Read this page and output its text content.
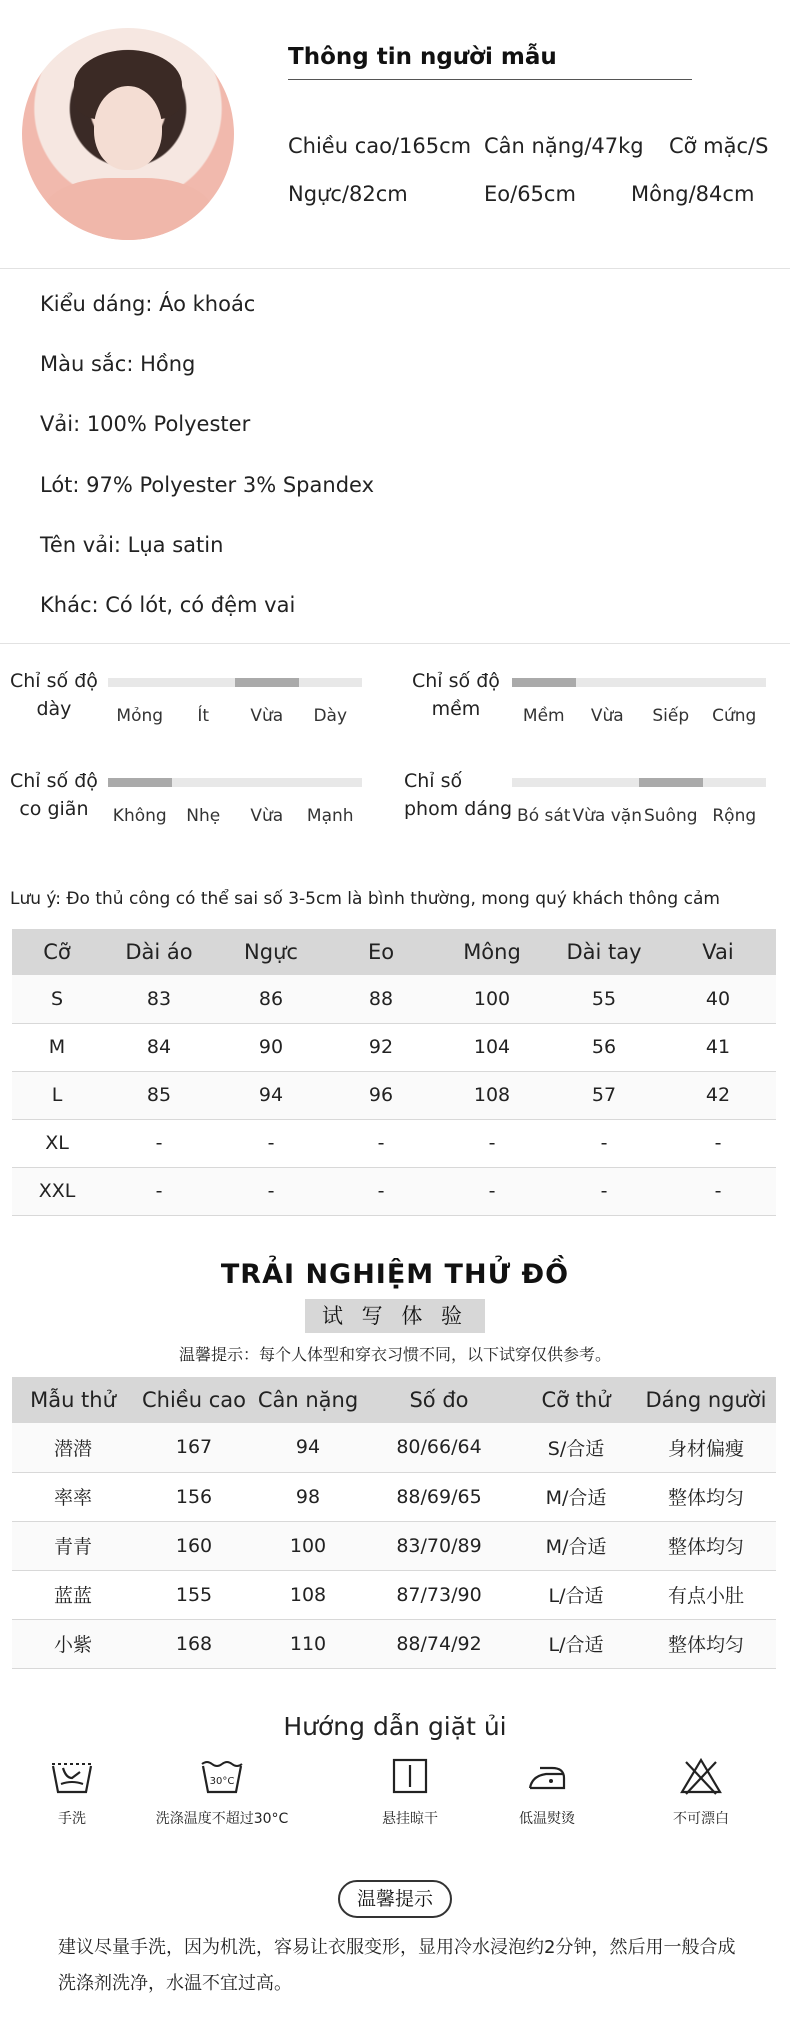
Thông tin người mẫu
Chiều cao/165cm Cân nặng/47kg Cỡ mặc/S
Ngực/82cm	Eo/65cm	Mông/84cm
Kiểu dáng: Áo khoác
Màu sắc: Hồng
Vải: 100% Polyester
Lót: 97% Polyester 3% Spandex
Tên vải: Lụa satin
Khác: Có lót, có đệm vai
Chỉ số độ
dày	Mỏng Ít Vừa Dày
Chỉ số độ
mềm	Mềm Vừa Siếp Cứng
Chỉ số độ
co giãn	Không Nhẹ Vừa Mạnh
Chỉ số
phom dáng Bó sát Vừa vặn Suông Rộng
Lưu ý: Đo thủ công có thể sai số 3-5cm là bình thường, mong quý khách thông cảm
Cỡ	Dài áo	Ngực	Eo	Mông	Dài tay	Vai
S	83	86	88	100	55	40
M	84	90	92	104	56	41
L	85	94	96	108	57	42
XL	-	-	-	-	-	-
XXL	-	-	-	-	-	-
TRẢI NGHIỆM THỬ ĐỒ
试 写 体 验
温馨提示：每个人体型和穿衣习惯不同，以下试穿仅供参考。
Mẫu thử	Chiều cao	Cân nặng	Số đo	Cỡ thử	Dáng người
潜潜	167	94	80/66/64	S/合适	身材偏瘦
率率	156	98	88/69/65	M/合适	整体均匀
青青	160	100	83/70/89	M/合适	整体均匀
蓝蓝	155	108	87/73/90	L/合适	有点小肚
小紫	168	110	88/74/92	L/合适	整体均匀
Hướng dẫn giặt ủi
手洗
30°C
洗涤温度不超过30°C	悬挂晾干	低温熨烫	不可漂白
温馨提示
建议尽量手洗，因为机洗，容易让衣服变形，显用冷水浸泡约2分钟，然后用一般合成洗涤剂洗净，水温不宜过高。
